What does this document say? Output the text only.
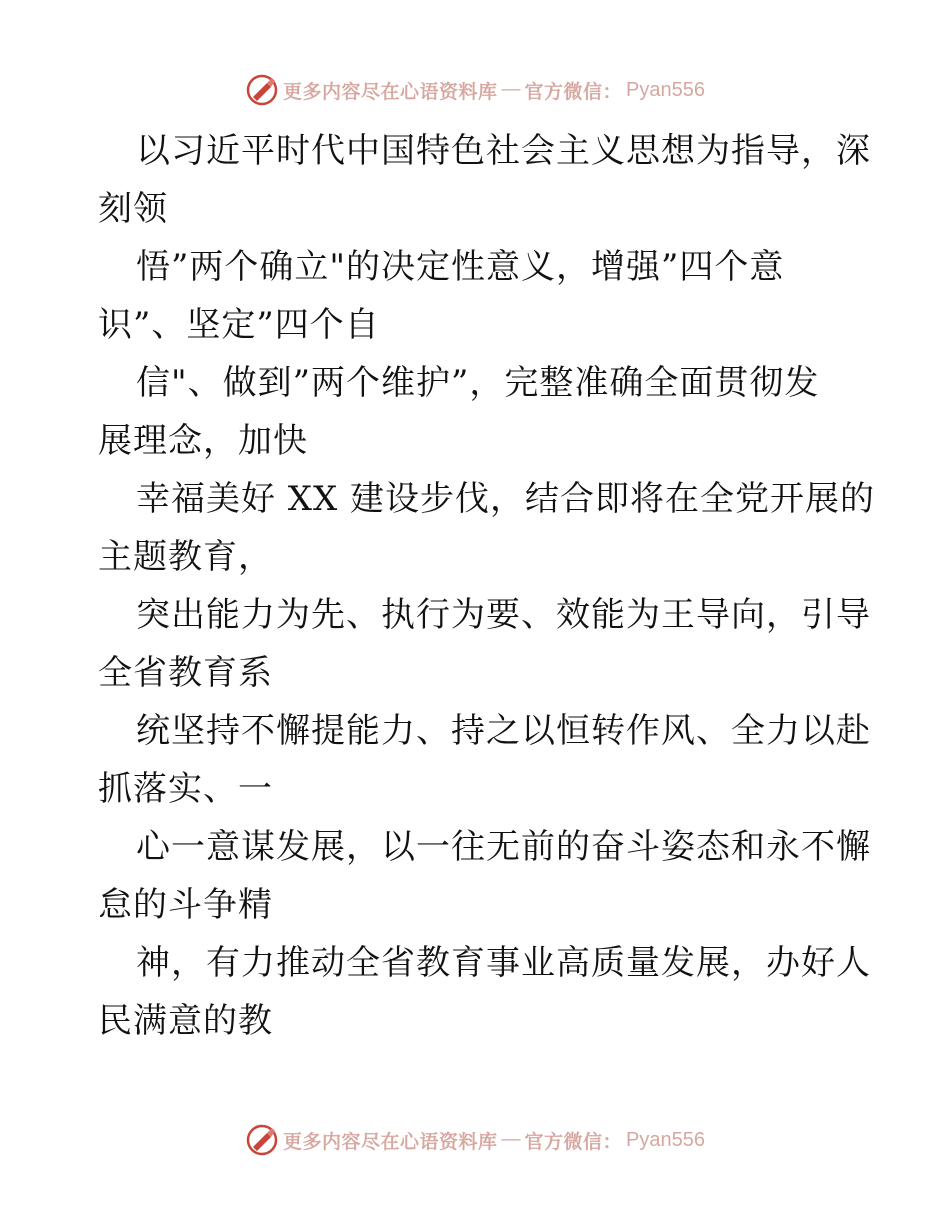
更多内容尽在心语资料库 — 官方微信： Pyan556
以习近平时代中国特色社会主义思想为指导，深
刻领
悟”两个确立"的决定性意义，增强”四个意
识”、坚定”四个自
信"、做到”两个维护”，完整准确全面贯彻发
展理念，加快
幸福美好 XX 建设步伐，结合即将在全党开展的
主题教育，
突出能力为先、执行为要、效能为王导向，引导
全省教育系
统坚持不懈提能力、持之以恒转作风、全力以赴
抓落实、一
心一意谋发展，以一往无前的奋斗姿态和永不懈
怠的斗争精
神，有力推动全省教育事业高质量发展，办好人
民满意的教
更多内容尽在心语资料库 — 官方微信： Pyan556
